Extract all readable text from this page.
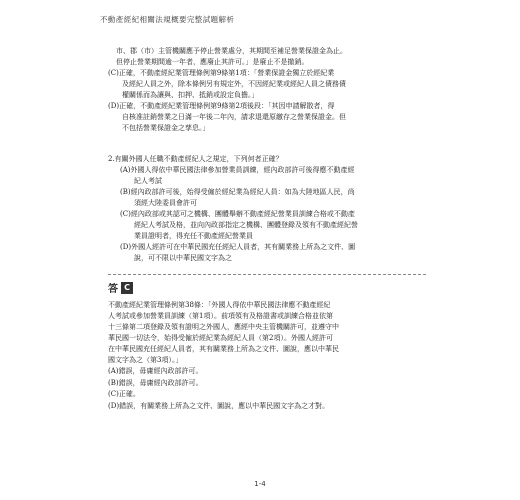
不動產經紀相關法規概要完整試題解析

市、郡（市）主管機關應予停止營業處分，其期間至補足營業保證金為止。

但停止營業期間逾一年者，應廢止其許可。」是廢止不是撤銷。

(C)正確，不動產經紀業管理條例第9條第1項：「營業保證金獨立於經紀業
及經紀人員之外，除本條例另有規定外，不因經紀業或經紀人員之債務債
權關係而為讓與、扣押、抵銷或設定負擔。」
(D)正確，不動產經紀業管理條例第9條第2項後段：「其因申請解散者，得
自核准註銷營業之日滿一年後二年內，請求退還原繳存之營業保證金。但
不包括營業保證金之孳息。」
2.有關外國人任職不動產經紀人之規定，下列何者正確？
(A)外國人得依中華民國法律參加營業員訓練，經內政部許可後得應不動產經
紀人考試
(B)經內政部許可後，始得受僱於經紀業為經紀人員：如為大陸地區人民，尚
須經大陸委員會許可
(C)經內政部或其認可之機構、團體舉辦不動產經紀營業員訓練合格或不動產
經紀人考試及格，並向內政部指定之機構、團體登錄及領有不動產經紀營
業員證明者，得充任不動產經紀營業員
(D)外國人經許可在中華民國充任經紀人員者，其有關業務上所為之文件、圖
說，可不限以中華民國文字為之
答 C

不動產經紀業管理條例第38條：「外國人得依中華民國法律應不動產經紀

人考試或參加營業員訓練（第1項）。前項領有及格證書或訓練合格並依第

十三條第二項登錄及領有證明之外國人，應經中央主管機關許可，並遵守中

華民國一切法令，始得受僱於經紀業為經紀人員（第2項）。外國人經許可

在中華民國充任經紀人員者，其有關業務上所為之文件、圖說，應以中華民

國文字為之（第3項）。」

(A)錯誤，毋庸經內政部許可。

(B)錯誤，毋庸經內政部許可。

(C)正確。

(D)錯誤，有關業務上所為之文件、圖說，應以中華民國文字為之才對。

1-4
